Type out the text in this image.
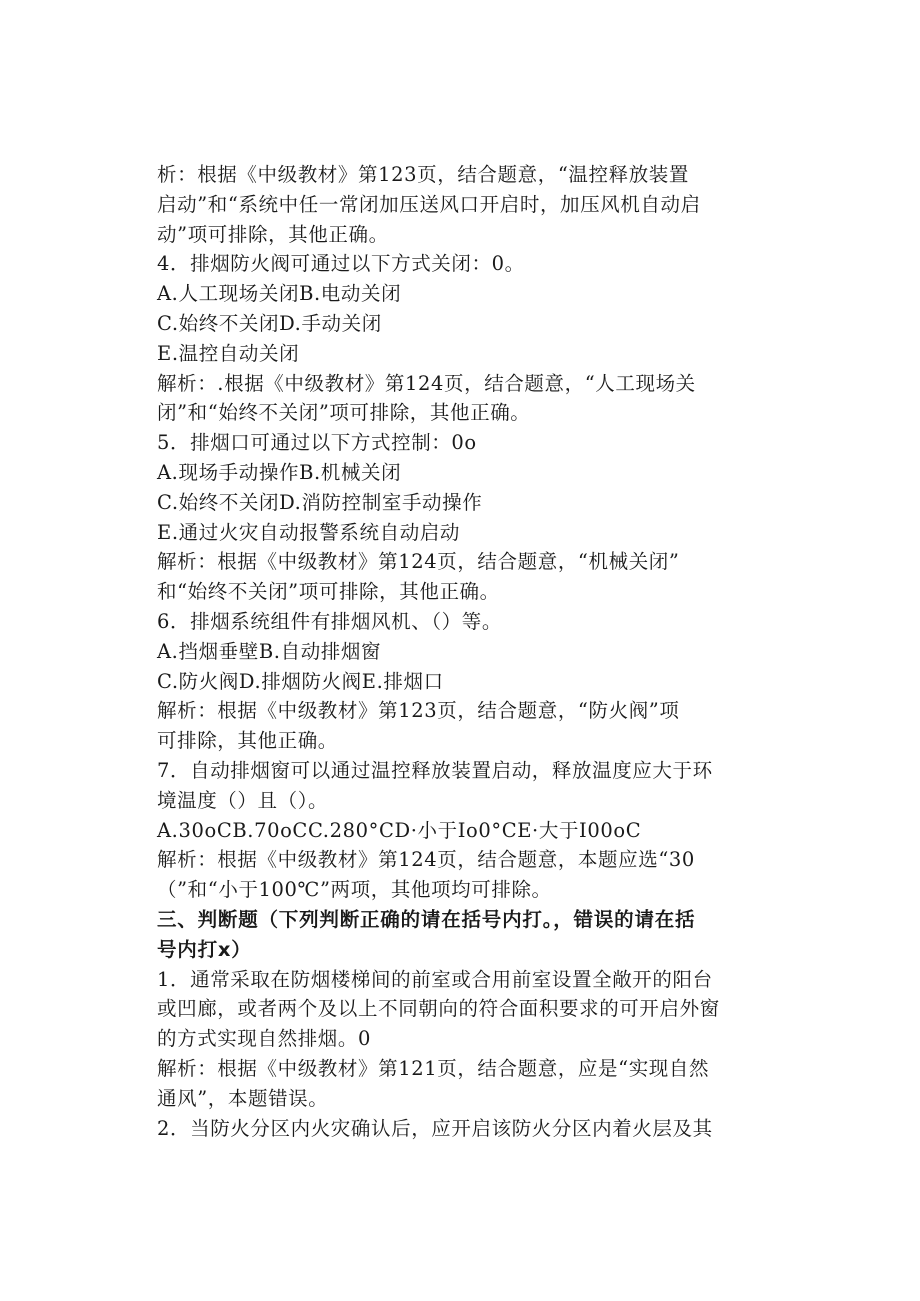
析：根据《中级教材》第123页，结合题意，“温控释放装置
启动”和“系统中任一常闭加压送风口开启时，加压风机自动启
动”项可排除，其他正确。
4．排烟防火阀可通过以下方式关闭：0。
A.人工现场关闭B.电动关闭
C.始终不关闭D.手动关闭
E.温控自动关闭
解析：.根据《中级教材》第124页，结合题意，“人工现场关
闭”和“始终不关闭”项可排除，其他正确。
5．排烟口可通过以下方式控制：0o
A.现场手动操作B.机械关闭
C.始终不关闭D.消防控制室手动操作
E.通过火灾自动报警系统自动启动
解析：根据《中级教材》第124页，结合题意，“机械关闭”
和“始终不关闭”项可排除，其他正确。
6．排烟系统组件有排烟风机、（）等。
A.挡烟垂壁B.自动排烟窗
C.防火阀D.排烟防火阀E.排烟口
解析：根据《中级教材》第123页，结合题意，“防火阀”项
可排除，其他正确。
7．自动排烟窗可以通过温控释放装置启动，释放温度应大于环
境温度（）且（）。
A.30oCB.70oCC.280°CD·小于Io0°CE·大于I00oC
解析：根据《中级教材》第124页，结合题意，本题应选“30
（”和“小于100℃”两项，其他项均可排除。
三、判断题（下列判断正确的请在括号内打。，错误的请在括
号内打x）
1．通常采取在防烟楼梯间的前室或合用前室设置全敞开的阳台
或凹廊，或者两个及以上不同朝向的符合面积要求的可开启外窗
的方式实现自然排烟。0
解析：根据《中级教材》第121页，结合题意，应是“实现自然
通风”，本题错误。
2．当防火分区内火灾确认后，应开启该防火分区内着火层及其
